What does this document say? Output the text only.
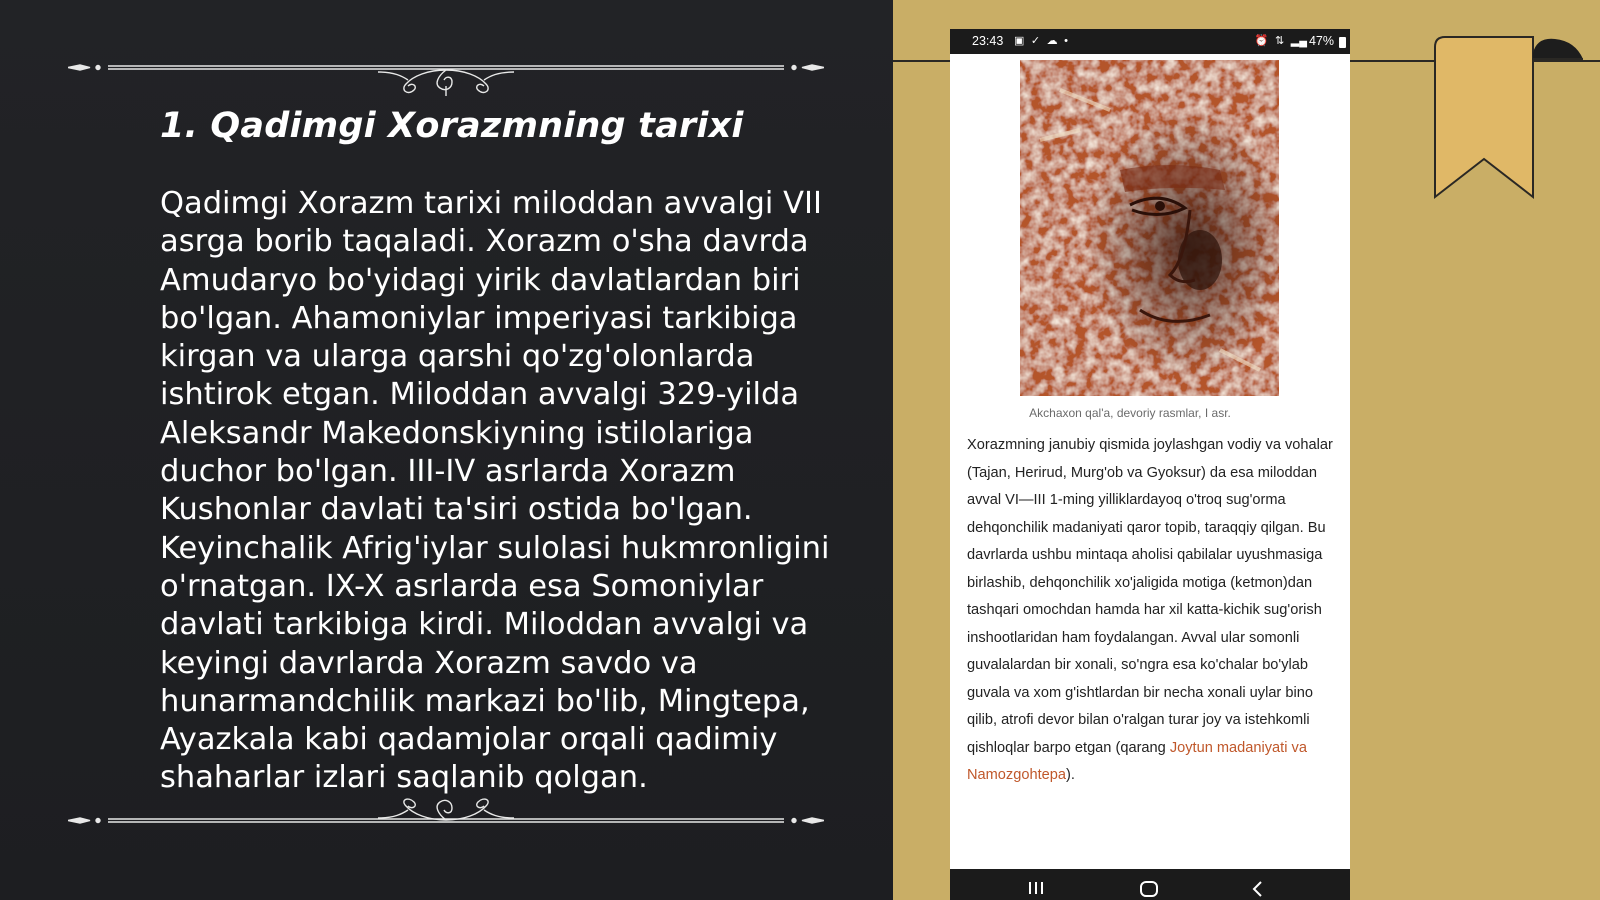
1. Qadimgi Xorazmning tarixi

Qadimgi Xorazm tarixi miloddan avvalgi VII asrga borib taqaladi. Xorazm o'sha davrda Amudaryo bo'yidagi yirik davlatlardan biri bo'lgan. Ahamoniylar imperiyasi tarkibiga kirgan va ularga qarshi qo'zg'olonlarda ishtirok etgan. Miloddan avvalgi 329-yilda Aleksandr Makedonskiyning istilolariga duchor bo'lgan. III-IV asrlarda Xorazm Kushonlar davlati ta'siri ostida bo'lgan. Keyinchalik Afrig'iylar sulolasi hukmronligini o'rnatgan. IX-X asrlarda esa Somoniylar davlati tarkibiga kirdi. Miloddan avvalgi va keyingi davrlarda Xorazm savdo va hunarmandchilik markazi bo'lib, Mingtepa, Ayazkala kabi qadamjolar orqali qadimiy shaharlar izlari saqlanib qolgan.

23:43 ▣ ✓ ☁ •	⏰ ⇅ ▂▄ 47%
Akchaxon qal'a, devoriy rasmlar, I asr.

Xorazmning janubiy qismida joylashgan vodiy va vohalar (Tajan, Herirud, Murg'ob va Gyoksur) da esa miloddan avval VI—III 1-ming yilliklardayoq o'troq sug'orma dehqonchilik madaniyati qaror topib, taraqqiy qilgan. Bu davrlarda ushbu mintaqa aholisi qabilalar uyushmasiga birlashib, dehqonchilik xo'jaligida motiga (ketmon)dan tashqari omochdan hamda har xil katta-kichik sug'orish inshootlaridan ham foydalangan. Avval ular somonli guvalalardan bir xonali, so'ngra esa ko'chalar bo'ylab guvala va xom g'ishtlardan bir necha xonali uylar bino qilib, atrofi devor bilan o'ralgan turar joy va istehkomli qishloqlar barpo etgan (qarang Joytun madaniyati va Namozgohtepa).
